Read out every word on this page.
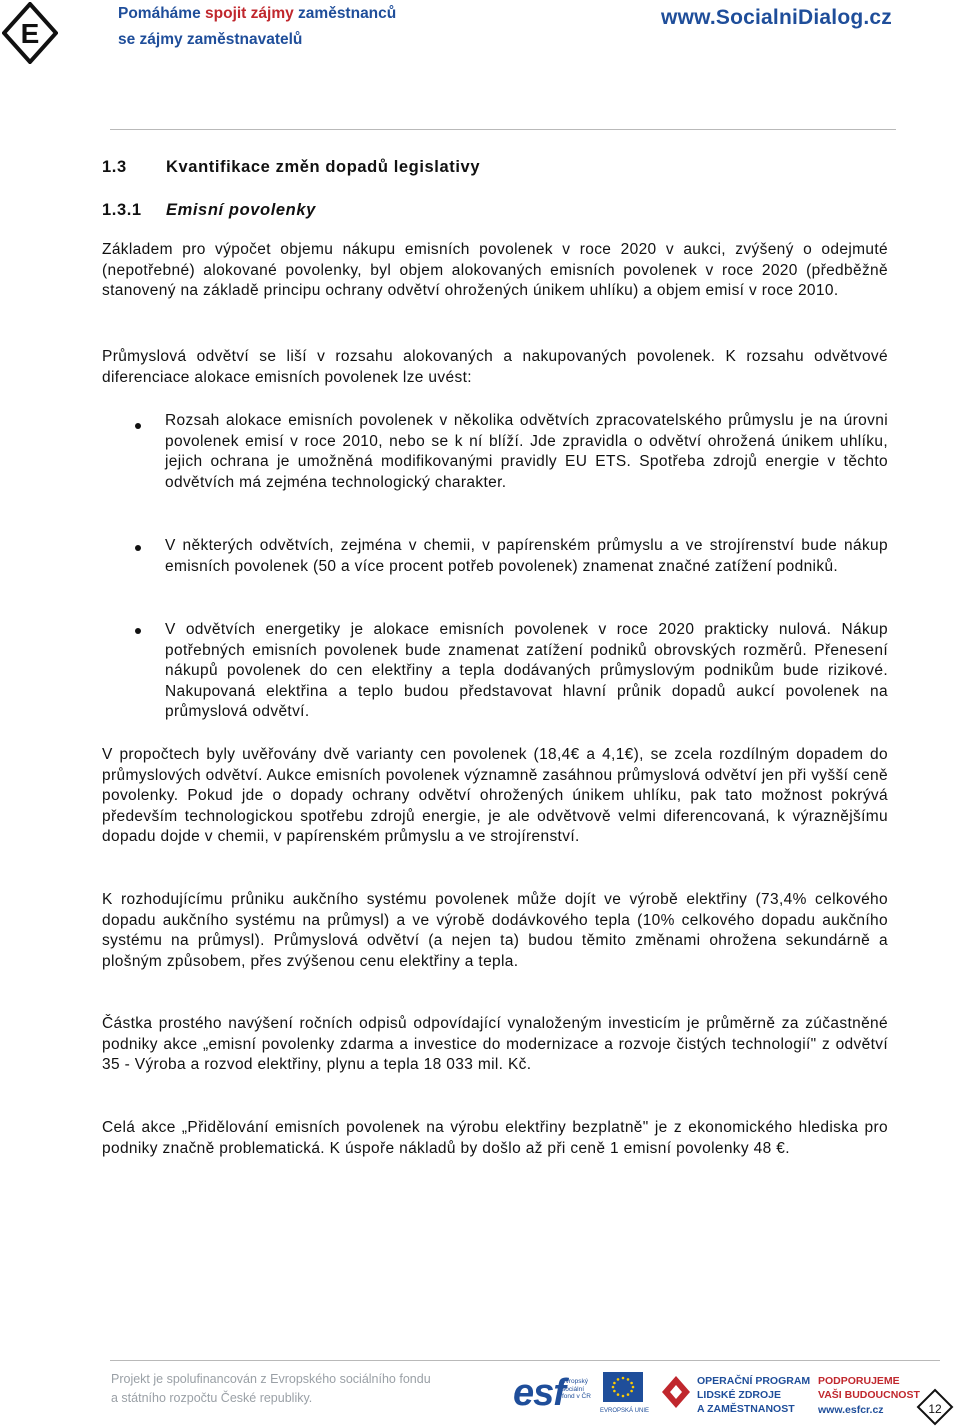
E
Pomáháme spojit zájmy zaměstnanců
se zájmy zaměstnavatelů
www.SocialniDialog.cz
1.3 Kvantifikace změn dopadů legislativy
1.3.1 Emisní povolenky

Základem pro výpočet objemu nákupu emisních povolenek v roce 2020 v aukci, zvýšený o odejmuté (nepotřebné) alokované povolenky, byl objem alokovaných emisních povolenek v roce 2020 (předběžně stanovený na základě principu ochrany odvětví ohrožených únikem uhlíku) a objem emisí v roce 2010.

Průmyslová odvětví se liší v rozsahu alokovaných a nakupovaných povolenek. K rozsahu odvětvové diferenciace alokace emisních povolenek lze uvést:

Rozsah alokace emisních povolenek v několika odvětvích zpracovatelského průmyslu je na úrovni povolenek emisí v roce 2010, nebo se k ní blíží. Jde zpravidla o odvětví ohrožená únikem uhlíku, jejich ochrana je umožněná modifikovanými pravidly EU ETS. Spotřeba zdrojů energie v těchto odvětvích má zejména technologický charakter.
V některých odvětvích, zejména v chemii, v papírenském průmyslu a ve strojírenství bude nákup emisních povolenek (50 a více procent potřeb povolenek) znamenat značné zatížení podniků.
V odvětvích energetiky je alokace emisních povolenek v roce 2020 prakticky nulová. Nákup potřebných emisních povolenek bude znamenat zatížení podniků obrovských rozměrů. Přenesení nákupů povolenek do cen elektřiny a tepla dodávaných průmyslovým podnikům bude rizikové. Nakupovaná elektřina a teplo budou představovat hlavní průnik dopadů aukcí povolenek na průmyslová odvětví.

V propočtech byly uvěřovány dvě varianty cen povolenek (18,4€ a 4,1€), se zcela rozdílným dopadem do průmyslových odvětví. Aukce emisních povolenek významně zasáhnou průmyslová odvětví jen při vyšší ceně povolenky. Pokud jde o dopady ochrany odvětví ohrožených únikem uhlíku, pak tato možnost pokrývá především technologickou spotřebu zdrojů energie, je ale odvětvově velmi diferencovaná, k výraznějšímu dopadu dojde v chemii, v papírenském průmyslu a ve strojírenství.

K rozhodujícímu průniku aukčního systému povolenek může dojít ve výrobě elektřiny (73,4% celkového dopadu aukčního systému na průmysl) a ve výrobě dodávkového tepla (10% celkového dopadu aukčního systému na průmysl). Průmyslová odvětví (a nejen ta) budou těmito změnami ohrožena sekundárně a plošným způsobem, přes zvýšenou cenu elektřiny a tepla.

Částka prostého navýšení ročních odpisů odpovídající vynaloženým investicím je průměrně za zúčastněné podniky akce „emisní povolenky zdarma a investice do modernizace a rozvoje čistých technologií" z odvětví 35 - Výroba a rozvod elektřiny, plynu a tepla 18 033 mil. Kč.

Celá akce „Přidělování emisních povolenek na výrobu elektřiny bezplatně" je z ekonomického hlediska pro podniky značně problematická. K úspoře nákladů by došlo až při ceně 1 emisní povolenky 48 €.

Projekt je spolufinancován z Evropského sociálního fondu
a státního rozpočtu České republiky.	esf
evropský
sociální
fond v ČR
EVROPSKÁ UNIE
OPERAČNÍ PROGRAM
LIDSKÉ ZDROJE
A ZAMĚSTNANOST
PODPORUJEME
VAŠI BUDOUCNOST
www.esfcr.cz	12
